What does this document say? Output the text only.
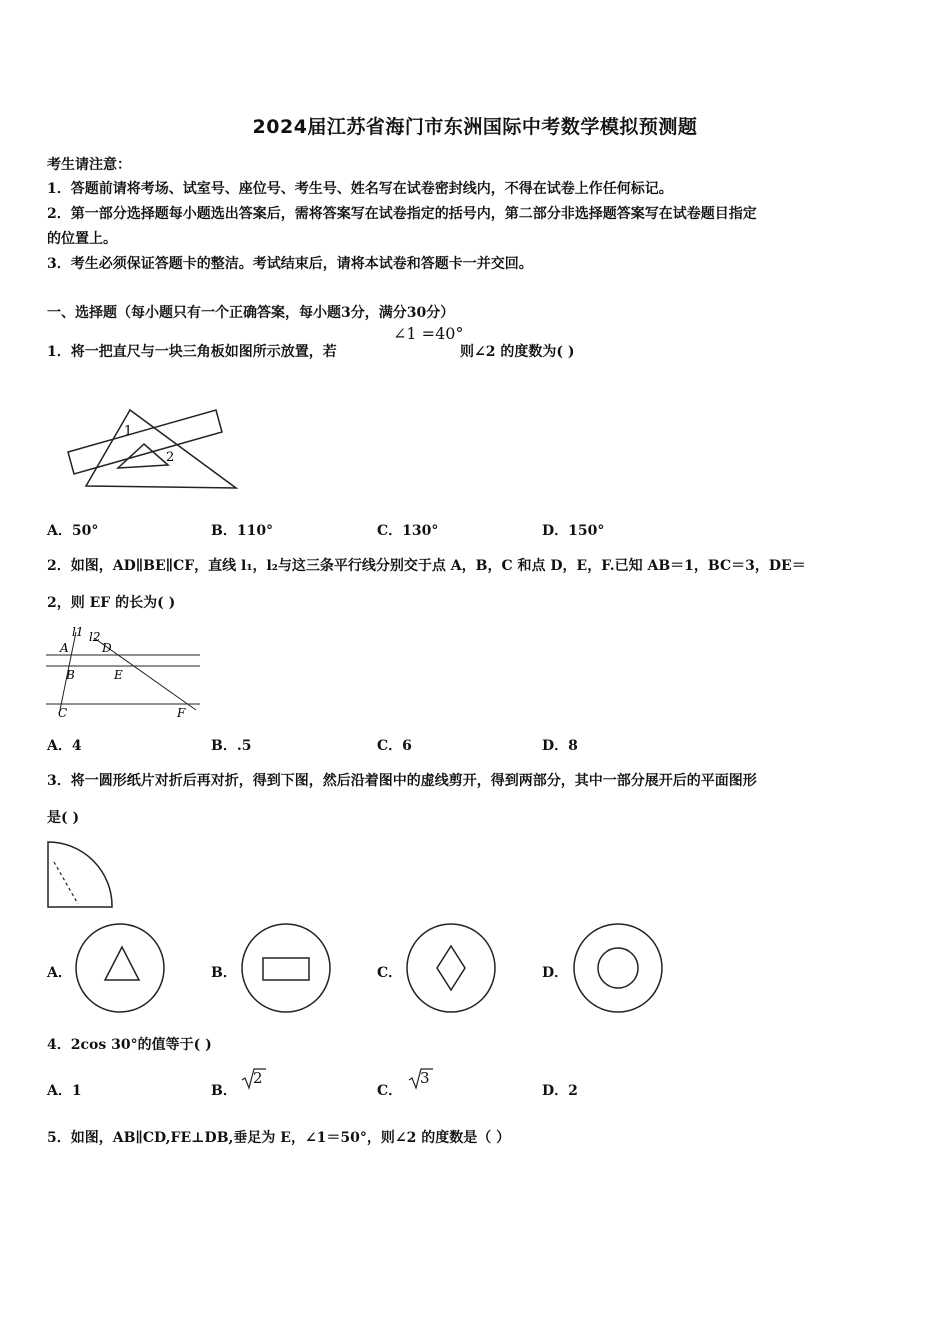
2024届江苏省海门市东洲国际中考数学模拟预测题
考生请注意：
1．答题前请将考场、试室号、座位号、考生号、姓名写在试卷密封线内，不得在试卷上作任何标记。
2．第一部分选择题每小题选出答案后，需将答案写在试卷指定的括号内，第二部分非选择题答案写在试卷题目指定
的位置上。
3．考生必须保证答题卡的整洁。考试结束后，请将本试卷和答题卡一并交回。
一、选择题（每小题只有一个正确答案，每小题3分，满分30分）
1．将一把直尺与一块三角板如图所示放置，若
∠1 =40°
则∠2 的度数为( )
1
2
A．50°	B．110°	C．130°	D．150°
2．如图，AD∥BE∥CF，直线 l₁，l₂与这三条平行线分别交于点 A，B，C 和点 D，E，F.已知 AB＝1，BC＝3，DE＝
2，则 EF 的长为( )
l1 l2
A	D
B	E
C	F
A．4	B．.5	C．6	D．8
3．将一圆形纸片对折后再对折，得到下图，然后沿着图中的虚线剪开，得到两部分，其中一部分展开后的平面图形
是( )
A．	B．	C．	D．
4．2cos 30°的值等于( )
A．1	B．
2
C．
3
D．2
5．如图，AB∥CD,FE⊥DB,垂足为 E，∠1＝50°，则∠2 的度数是（ ）
